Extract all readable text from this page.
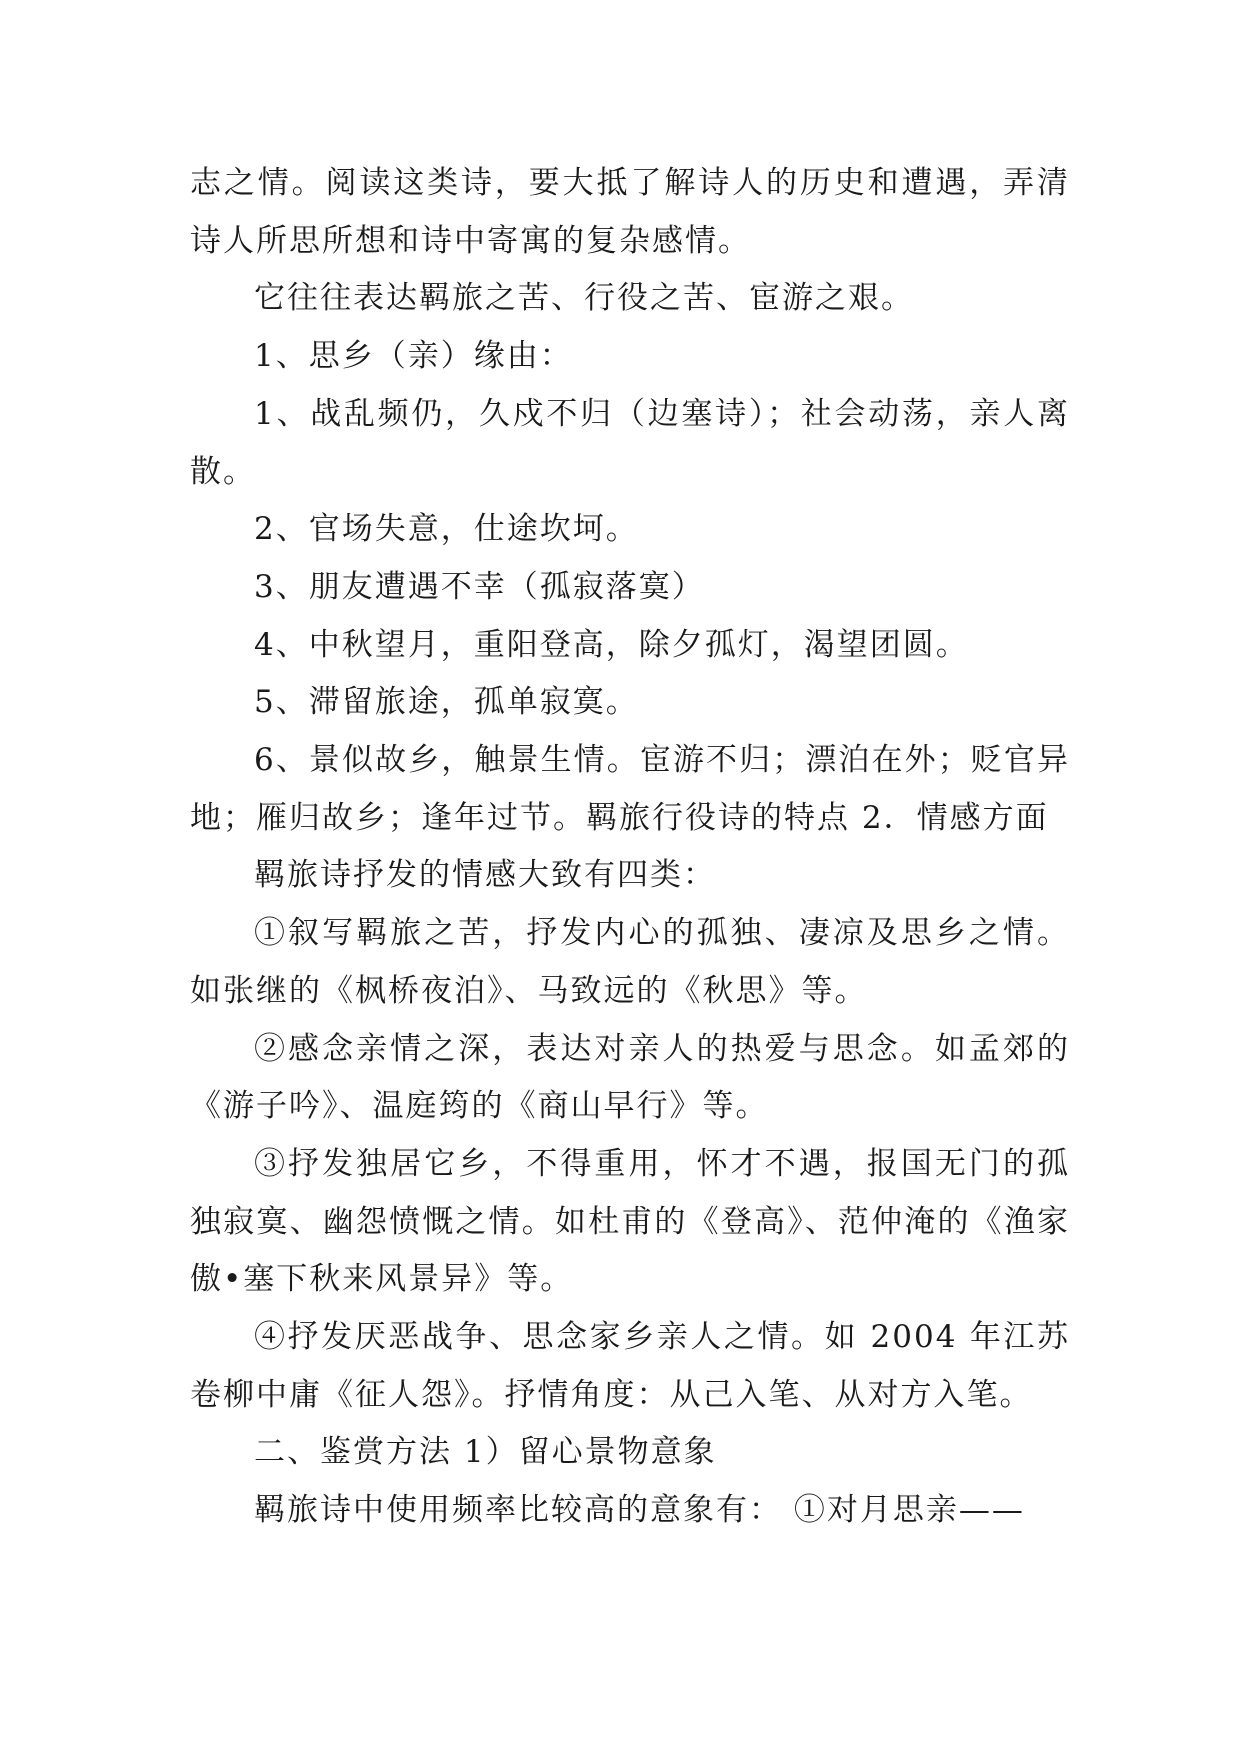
志之情。阅读这类诗，要大抵了解诗人的历史和遭遇，弄清诗人所思所想和诗中寄寓的复杂感情。

它往往表达羁旅之苦、行役之苦、宦游之艰。

1、思乡（亲）缘由：

1、战乱频仍，久戍不归（边塞诗）；社会动荡，亲人离散。

2、官场失意，仕途坎坷。

3、朋友遭遇不幸（孤寂落寞）

4、中秋望月，重阳登高，除夕孤灯，渴望团圆。

5、滞留旅途，孤单寂寞。

6、景似故乡，触景生情。宦游不归；漂泊在外；贬官异地；雁归故乡；逢年过节。羁旅行役诗的特点 2．情感方面

羁旅诗抒发的情感大致有四类：

①叙写羁旅之苦，抒发内心的孤独、凄凉及思乡之情。如张继的《枫桥夜泊》、马致远的《秋思》等。

②感念亲情之深，表达对亲人的热爱与思念。如孟郊的《游子吟》、温庭筠的《商山早行》等。

③抒发独居它乡，不得重用，怀才不遇，报国无门的孤独寂寞、幽怨愤慨之情。如杜甫的《登高》、范仲淹的《渔家傲•塞下秋来风景异》等。

④抒发厌恶战争、思念家乡亲人之情。如 2004 年江苏卷柳中庸《征人怨》。抒情角度：从己入笔、从对方入笔。

二、鉴赏方法 1）留心景物意象

羁旅诗中使用频率比较高的意象有： ①对月思亲——
